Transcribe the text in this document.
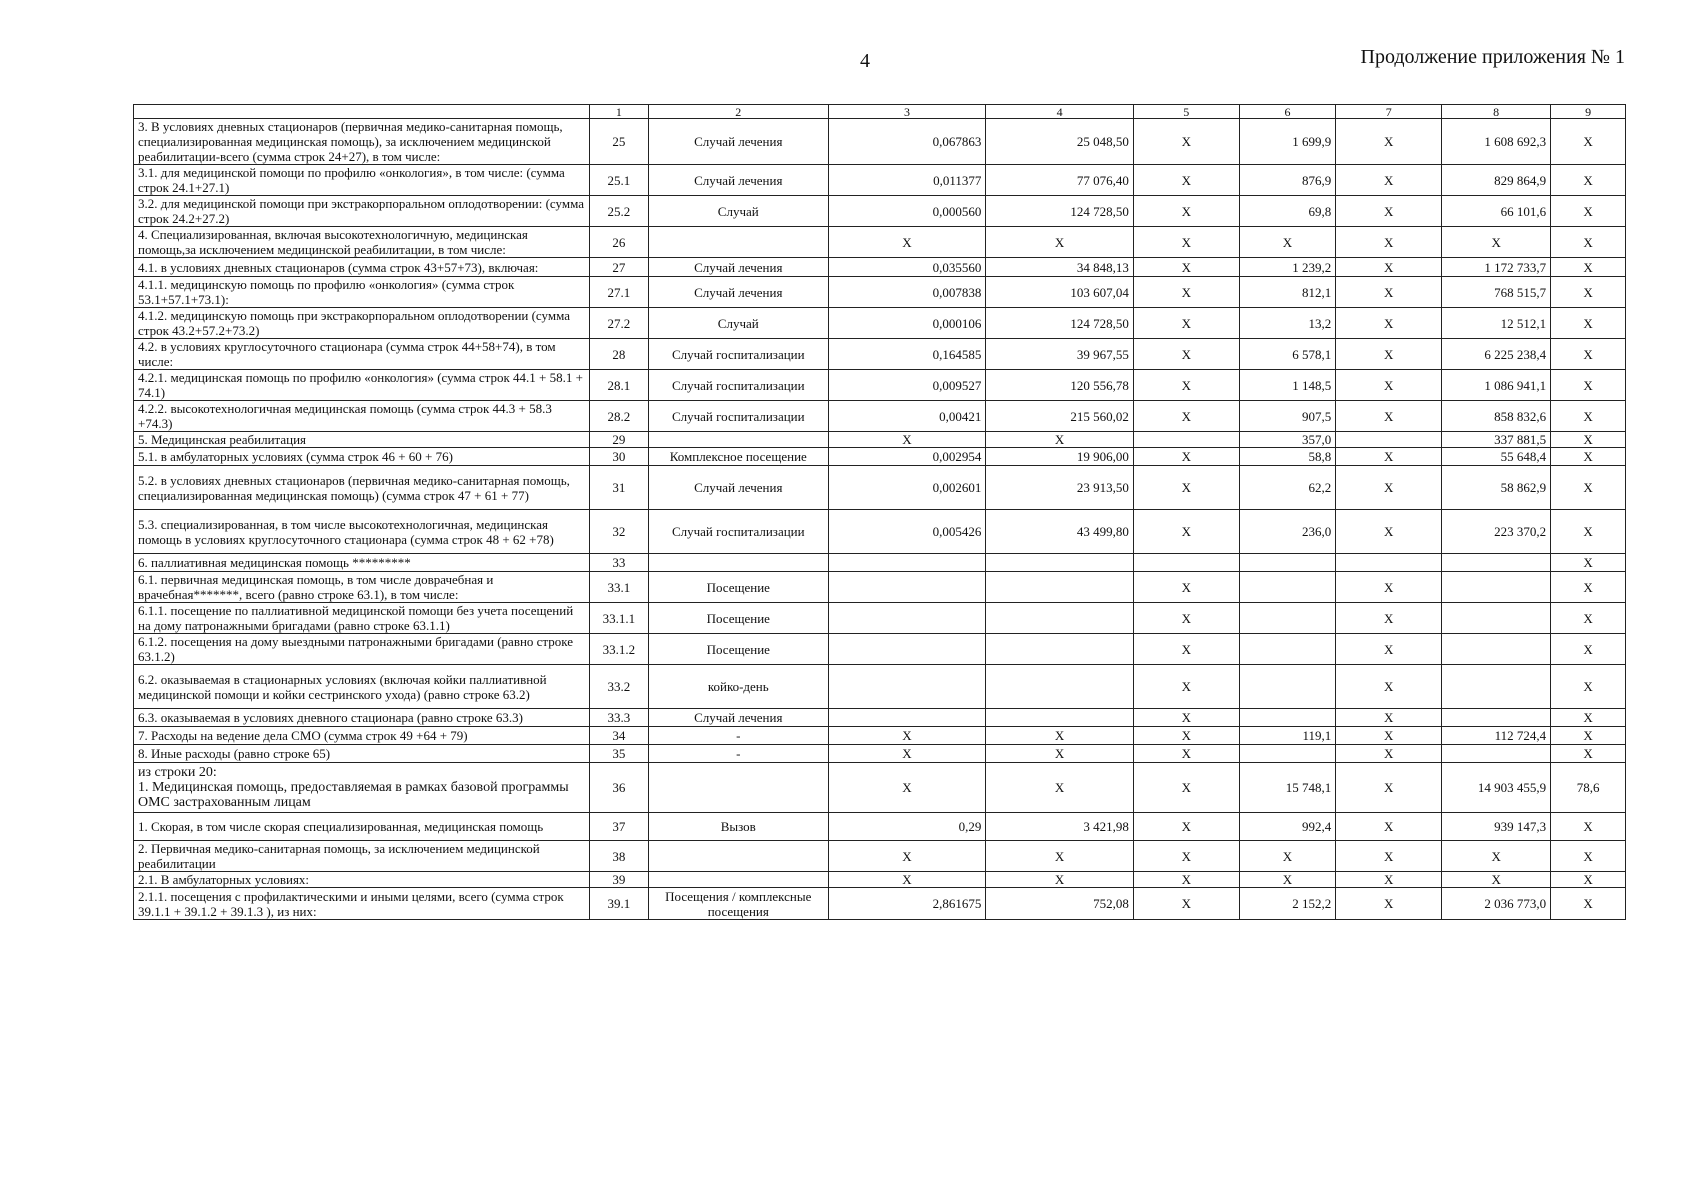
4	Продолжение приложения № 1
	1	2	3	4	5	6	7	8	9
3. В условиях дневных стационаров (первичная медико-санитарная помощь, специализированная медицинская помощь), за исключением медицинской реабилитации-всего (сумма строк 24+27), в том числе:	25	Случай лечения	0,067863	25 048,50	X	1 699,9	X	1 608 692,3	X
3.1. для медицинской помощи по профилю «онкология», в том числе: (сумма строк 24.1+27.1)	25.1	Случай лечения	0,011377	77 076,40	X	876,9	X	829 864,9	X
3.2. для медицинской помощи при экстракорпоральном оплодотворении: (сумма строк 24.2+27.2)	25.2	Случай	0,000560	124 728,50	X	69,8	X	66 101,6	X
4. Специализированная, включая высокотехнологичную, медицинская помощь,за исключением медицинской реабилитации, в том числе:	26		X	X	X	X	X	X	X
4.1. в условиях дневных стационаров (сумма строк 43+57+73), включая:	27	Случай лечения	0,035560	34 848,13	X	1 239,2	X	1 172 733,7	X
4.1.1. медицинскую помощь по профилю «онкология» (сумма строк 53.1+57.1+73.1):	27.1	Случай лечения	0,007838	103 607,04	X	812,1	X	768 515,7	X
4.1.2. медицинскую помощь при экстракорпоральном оплодотворении (сумма строк 43.2+57.2+73.2)	27.2	Случай	0,000106	124 728,50	X	13,2	X	12 512,1	X
4.2. в условиях круглосуточного стационара (сумма строк 44+58+74), в том числе:	28	Случай госпитализации	0,164585	39 967,55	X	6 578,1	X	6 225 238,4	X
4.2.1. медицинская помощь по профилю «онкология» (сумма строк 44.1 + 58.1 + 74.1)	28.1	Случай госпитализации	0,009527	120 556,78	X	1 148,5	X	1 086 941,1	X
4.2.2. высокотехнологичная медицинская помощь (сумма строк 44.3 + 58.3 +74.3)	28.2	Случай госпитализации	0,00421	215 560,02	X	907,5	X	858 832,6	X
5. Медицинская реабилитация	29		X	X		357,0		337 881,5	X
5.1. в амбулаторных условиях (сумма строк 46 + 60 + 76)	30	Комплексное посещение	0,002954	19 906,00	X	58,8	X	55 648,4	X
5.2. в условиях дневных стационаров (первичная медико-санитарная помощь, специализированная медицинская помощь) (сумма строк 47 + 61 + 77)	31	Случай лечения	0,002601	23 913,50	X	62,2	X	58 862,9	X
5.3. специализированная, в том числе высокотехнологичная, медицинская помощь в условиях круглосуточного стационара (сумма строк 48 + 62 +78)	32	Случай госпитализации	0,005426	43 499,80	X	236,0	X	223 370,2	X
6. паллиативная медицинская помощь *********	33								X
6.1. первичная медицинская помощь, в том числе доврачебная и врачебная*******, всего (равно строке 63.1), в том числе:	33.1	Посещение			X		X		X
6.1.1. посещение по паллиативной медицинской помощи без учета посещений на дому патронажными бригадами (равно строке 63.1.1)	33.1.1	Посещение			X		X		X
6.1.2. посещения на дому выездными патронажными бригадами (равно строке 63.1.2)	33.1.2	Посещение			X		X		X
6.2. оказываемая в стационарных условиях (включая койки паллиативной медицинской помощи и койки сестринского ухода) (равно строке 63.2)	33.2	койко-день			X		X		X
6.3. оказываемая в условиях дневного стационара (равно строке 63.3)	33.3	Случай лечения			X		X		X
7. Расходы на ведение дела СМО (сумма строк 49 +64 + 79)	34	-	X	X	X	119,1	X	112 724,4	X
8. Иные расходы (равно строке 65)	35	-	X	X	X		X		X
из строки 20:
1. Медицинская помощь, предоставляемая в рамках базовой программы ОМС застрахованным лицам	36		X	X	X	15 748,1	X	14 903 455,9	78,6
1. Скорая, в том числе скорая специализированная, медицинская помощь	37	Вызов	0,29	3 421,98	X	992,4	X	939 147,3	X
2. Первичная медико-санитарная помощь, за исключением медицинской реабилитации	38		X	X	X	X	X	X	X
2.1. В амбулаторных условиях:	39		X	X	X	X	X	X	X
2.1.1. посещения с профилактическими и иными целями, всего (сумма строк 39.1.1 + 39.1.2 + 39.1.3 ), из них:	39.1	Посещения / комплексные посещения	2,861675	752,08	X	2 152,2	X	2 036 773,0	X
